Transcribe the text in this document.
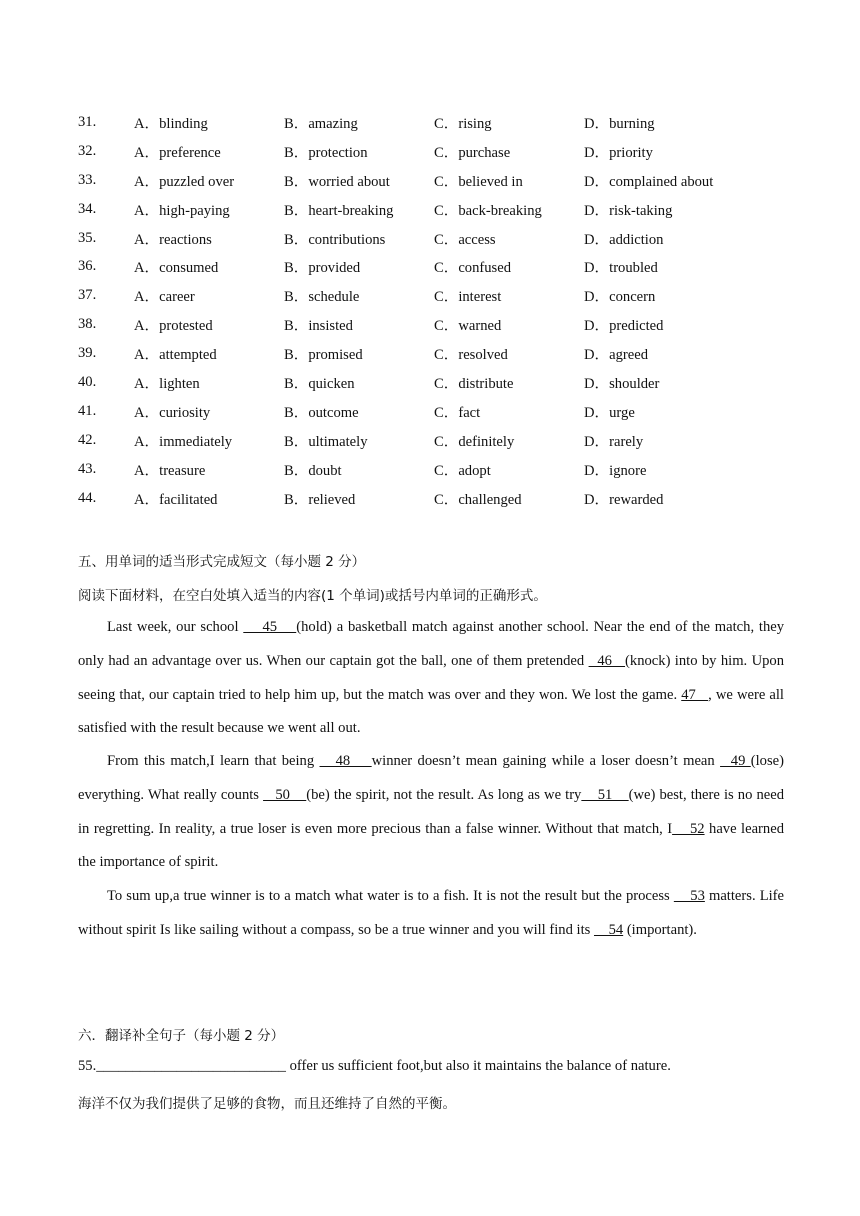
31.	A．blinding	B．amazing	C．rising	D．burning
32.	A．preference	B．protection	C．purchase	D．priority
33.	A．puzzled over	B．worried about	C．believed in	D．complained about
34.	A．high-paying	B．heart-breaking	C．back-breaking	D．risk-taking
35.	A．reactions	B．contributions	C．access	D．addiction
36.	A．consumed	B．provided	C．confused	D．troubled
37.	A．career	B．schedule	C．interest	D．concern
38.	A．protested	B．insisted	C．warned	D．predicted
39.	A．attempted	B．promised	C．resolved	D．agreed
40.	A．lighten	B．quicken	C．distribute	D．shoulder
41.	A．curiosity	B．outcome	C．fact	D．urge
42.	A．immediately	B．ultimately	C．definitely	D．rarely
43.	A．treasure	B．doubt	C．adopt	D．ignore
44.	A．facilitated	B．relieved	C．challenged	D．rewarded
五、用单词的适当形式完成短文（每小题 2 分）
阅读下面材料，在空白处填入适当的内容(1 个单词)或括号内单词的正确形式。
Last week, our school     45    (hold) a basketball match against another school. Near the end of the match, they only had an advantage over us. When our captain got the ball, one of them pretended   46   (knock) into by him. Upon seeing that, our captain tried to help him up, but the match was over and they won. We lost the game. 47   , we were all satisfied with the result because we went all out.
From this match,I learn that being    48    winner doesn’t mean gaining while a loser doesn’t mean   49 (lose) everything. What really counts    50    (be) the spirit, not the result. As long as we try    51    (we) best, there is no need in regretting. In reality, a true loser is even more precious than a false winner. Without that match, I    52 have learned the importance of spirit.
To sum up,a true winner is to a match what water is to a fish. It is not the result but the process     53 matters. Life without spirit Is like sailing without a compass, so be a true winner and you will find its     54 (important).
六．翻译补全句子（每小题 2 分）
55.__________________________ offer us sufficient foot,but also it maintains the balance of nature.
海洋不仅为我们提供了足够的食物，而且还维持了自然的平衡。
